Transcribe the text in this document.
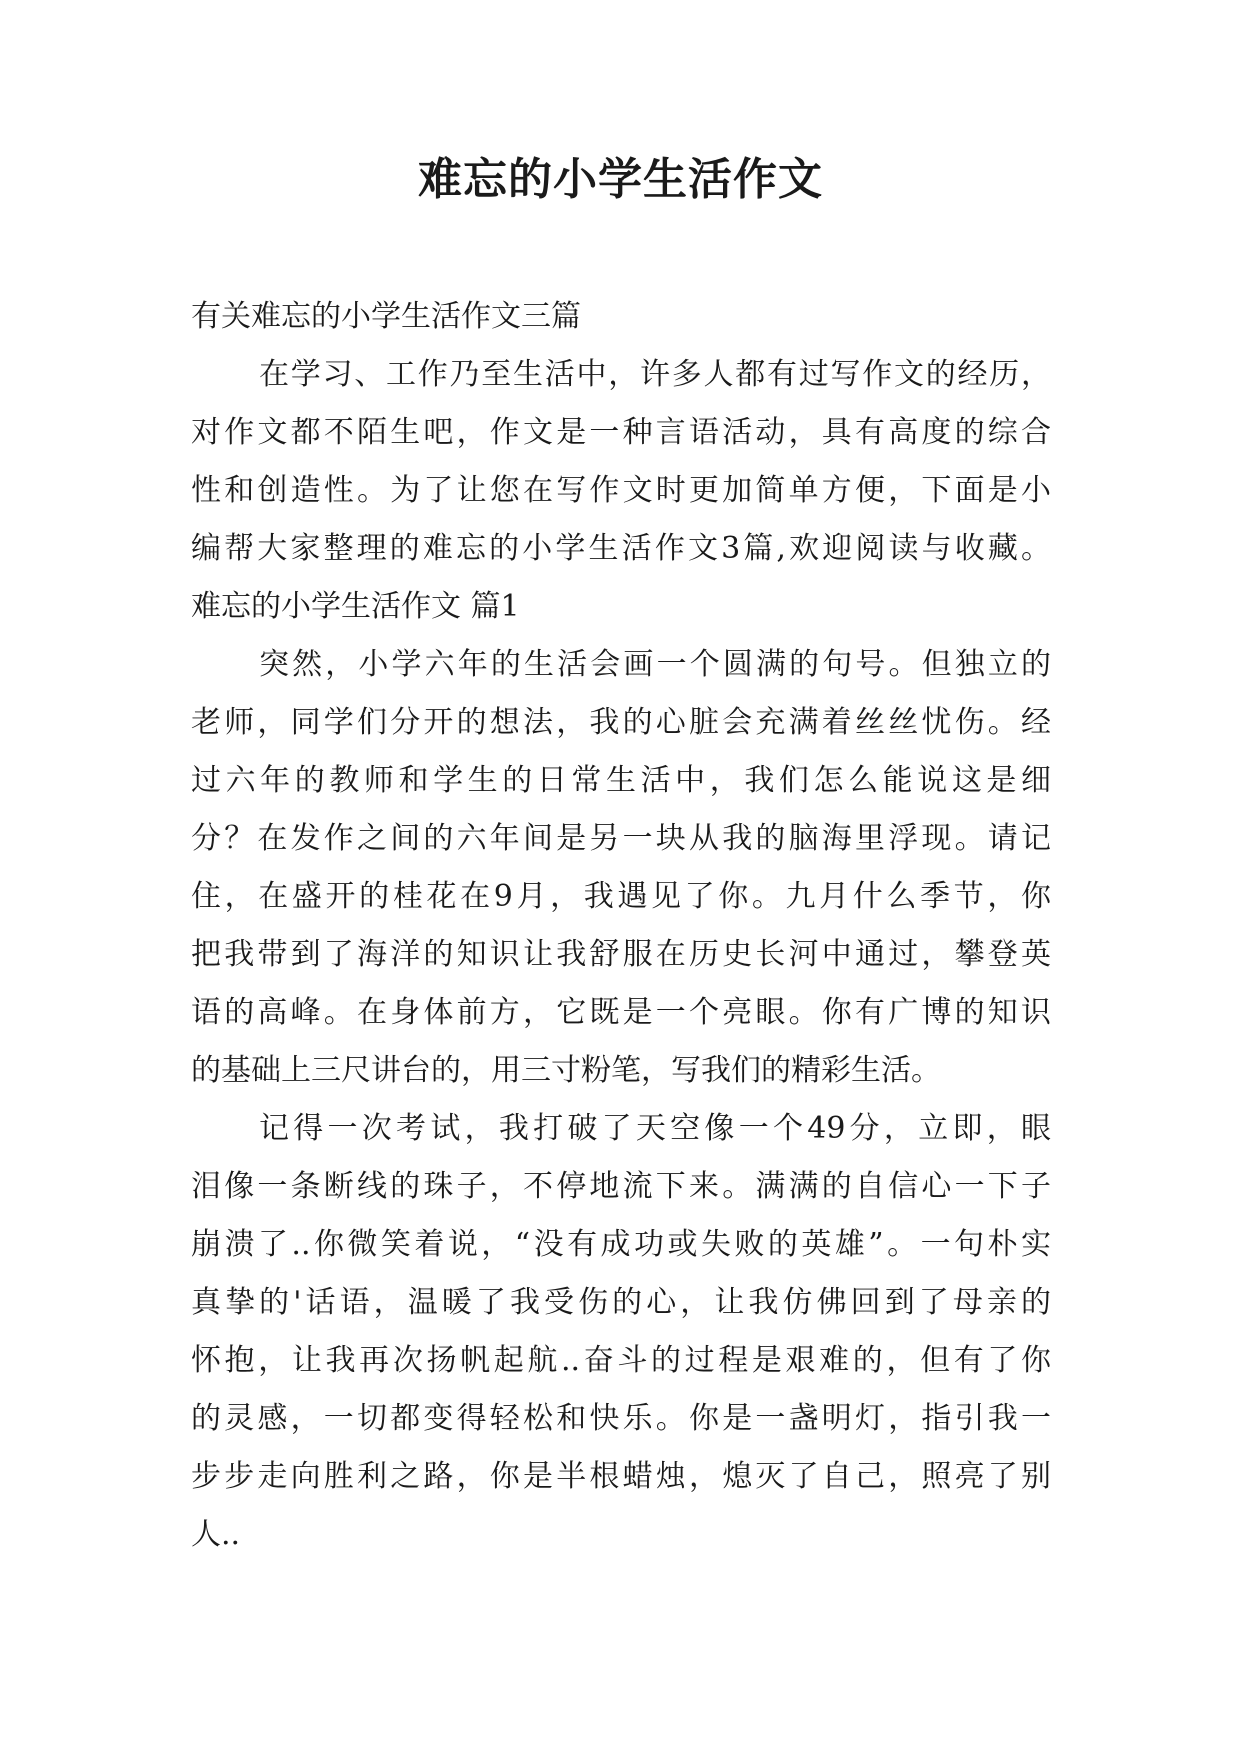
难忘的小学生活作文
有关难忘的小学生活作文三篇
在学习、工作乃至生活中，许多人都有过写作文的经历，
对作文都不陌生吧，作文是一种言语活动，具有高度的综合
性和创造性。为了让您在写作文时更加简单方便，下面是小
编帮大家整理的难忘的小学生活作文3篇,欢迎阅读与收藏。
难忘的小学生活作文 篇1
突然，小学六年的生活会画一个圆满的句号。但独立的
老师，同学们分开的想法，我的心脏会充满着丝丝忧伤。经
过六年的教师和学生的日常生活中，我们怎么能说这是细
分？在发作之间的六年间是另一块从我的脑海里浮现。请记
住，在盛开的桂花在9月，我遇见了你。九月什么季节，你
把我带到了海洋的知识让我舒服在历史长河中通过，攀登英
语的高峰。在身体前方，它既是一个亮眼。你有广博的知识
的基础上三尺讲台的，用三寸粉笔，写我们的精彩生活。
记得一次考试，我打破了天空像一个49分，立即，眼
泪像一条断线的珠子，不停地流下来。满满的自信心一下子
崩溃了..你微笑着说，“没有成功或失败的英雄”。一句朴实
真挚的'话语，温暖了我受伤的心，让我仿佛回到了母亲的
怀抱，让我再次扬帆起航..奋斗的过程是艰难的，但有了你
的灵感，一切都变得轻松和快乐。你是一盏明灯，指引我一
步步走向胜利之路，你是半根蜡烛，熄灭了自己，照亮了别
人..
